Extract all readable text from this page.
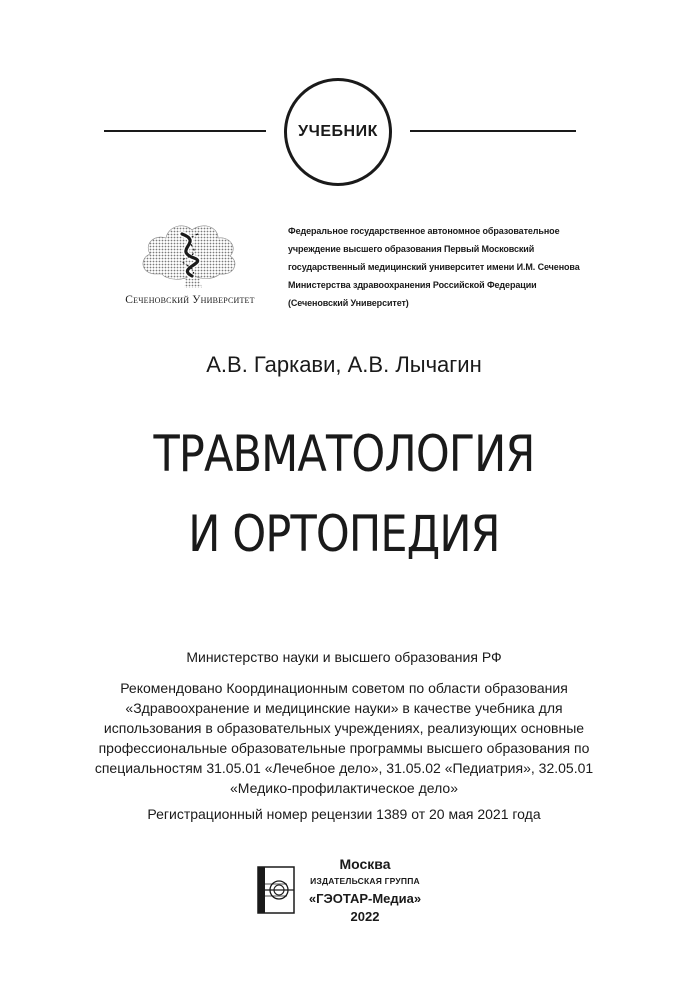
УЧЕБНИК
Сеченовский Университет
Федеральное государственное автономное образовательное
учреждение высшего образования Первый Московский
государственный медицинский университет имени И.М. Сеченова
Министерства здравоохранения Российской Федерации
(Сеченовский Университет)
А.В. Гаркави, А.В. Лычагин
ТРАВМАТОЛОГИЯ
И ОРТОПЕДИЯ
Министерство науки и высшего образования РФ
Рекомендовано Координационным советом по области образования
«Здравоохранение и медицинские науки» в качестве учебника для
использования в образовательных учреждениях, реализующих основные
профессиональные образовательные программы высшего образования по
специальностям 31.05.01 «Лечебное дело», 31.05.02 «Педиатрия», 32.05.01
«Медико-профилактическое дело»
Регистрационный номер рецензии 1389 от 20 мая 2021 года
Москва
ИЗДАТЕЛЬСКАЯ ГРУППА
«ГЭОТАР-Медиа»
2022
